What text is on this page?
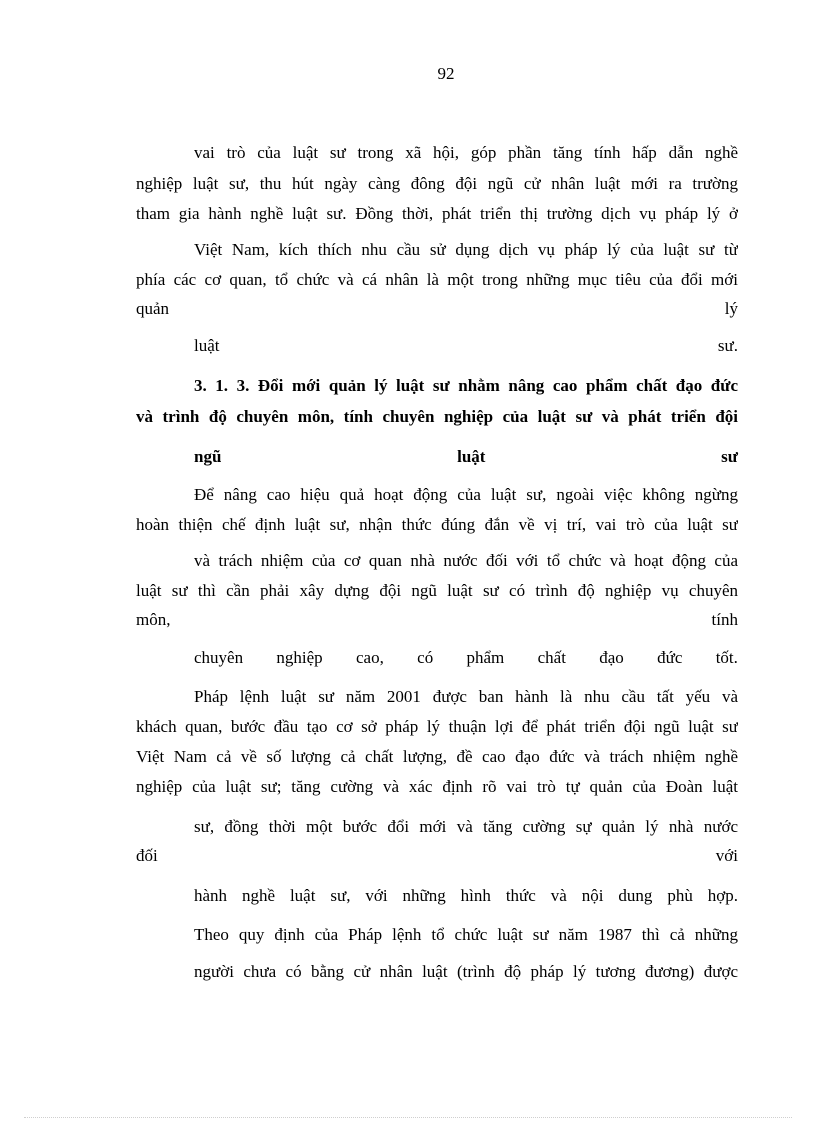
92
vai trò của luật sư trong xã hội, góp phần tăng tính hấp dẫn nghề
nghiệp luật sư, thu hút ngày càng đông đội ngũ cử nhân luật mới ra trường
tham gia hành nghề luật sư. Đồng thời, phát triển thị trường dịch vụ pháp lý ở
Việt Nam, kích thích nhu cầu sử dụng dịch vụ pháp lý của luật sư từ
phía các cơ quan, tổ chức và cá nhân là một trong những mục tiêu của đổi mới
quản	lý
luật	sư.
3. 1. 3. Đổi mới quản lý luật sư nhằm nâng cao phẩm chất đạo đức
và trình độ chuyên môn, tính chuyên nghiệp của luật sư và phát triển đội
ngũ	luật	sư
Để nâng cao hiệu quả hoạt động của luật sư, ngoài việc không ngừng
hoàn thiện chế định luật sư, nhận thức đúng đắn về vị trí, vai trò của luật sư
và trách nhiệm của cơ quan nhà nước đối với tổ chức và hoạt động của
luật sư thì cần phải xây dựng đội ngũ luật sư có trình độ nghiệp vụ chuyên
môn,	tính
chuyên nghiệp cao, có phẩm chất đạo đức tốt.
Pháp lệnh luật sư năm 2001 được ban hành là nhu cầu tất yếu và
khách quan, bước đầu tạo cơ sở pháp lý thuận lợi để phát triển đội ngũ luật sư
Việt Nam cả về số lượng cả chất lượng, đề cao đạo đức và trách nhiệm nghề
nghiệp của luật sư; tăng cường và xác định rõ vai trò tự quản của Đoàn luật
sư, đồng thời một bước đổi mới và tăng cường sự quản lý nhà nước
đối	với
hành nghề luật sư, với những hình thức và nội dung phù hợp.
Theo quy định của Pháp lệnh tổ chức luật sư năm 1987 thì cả những
người chưa có bằng cử nhân luật (trình độ pháp lý tương đương) được
